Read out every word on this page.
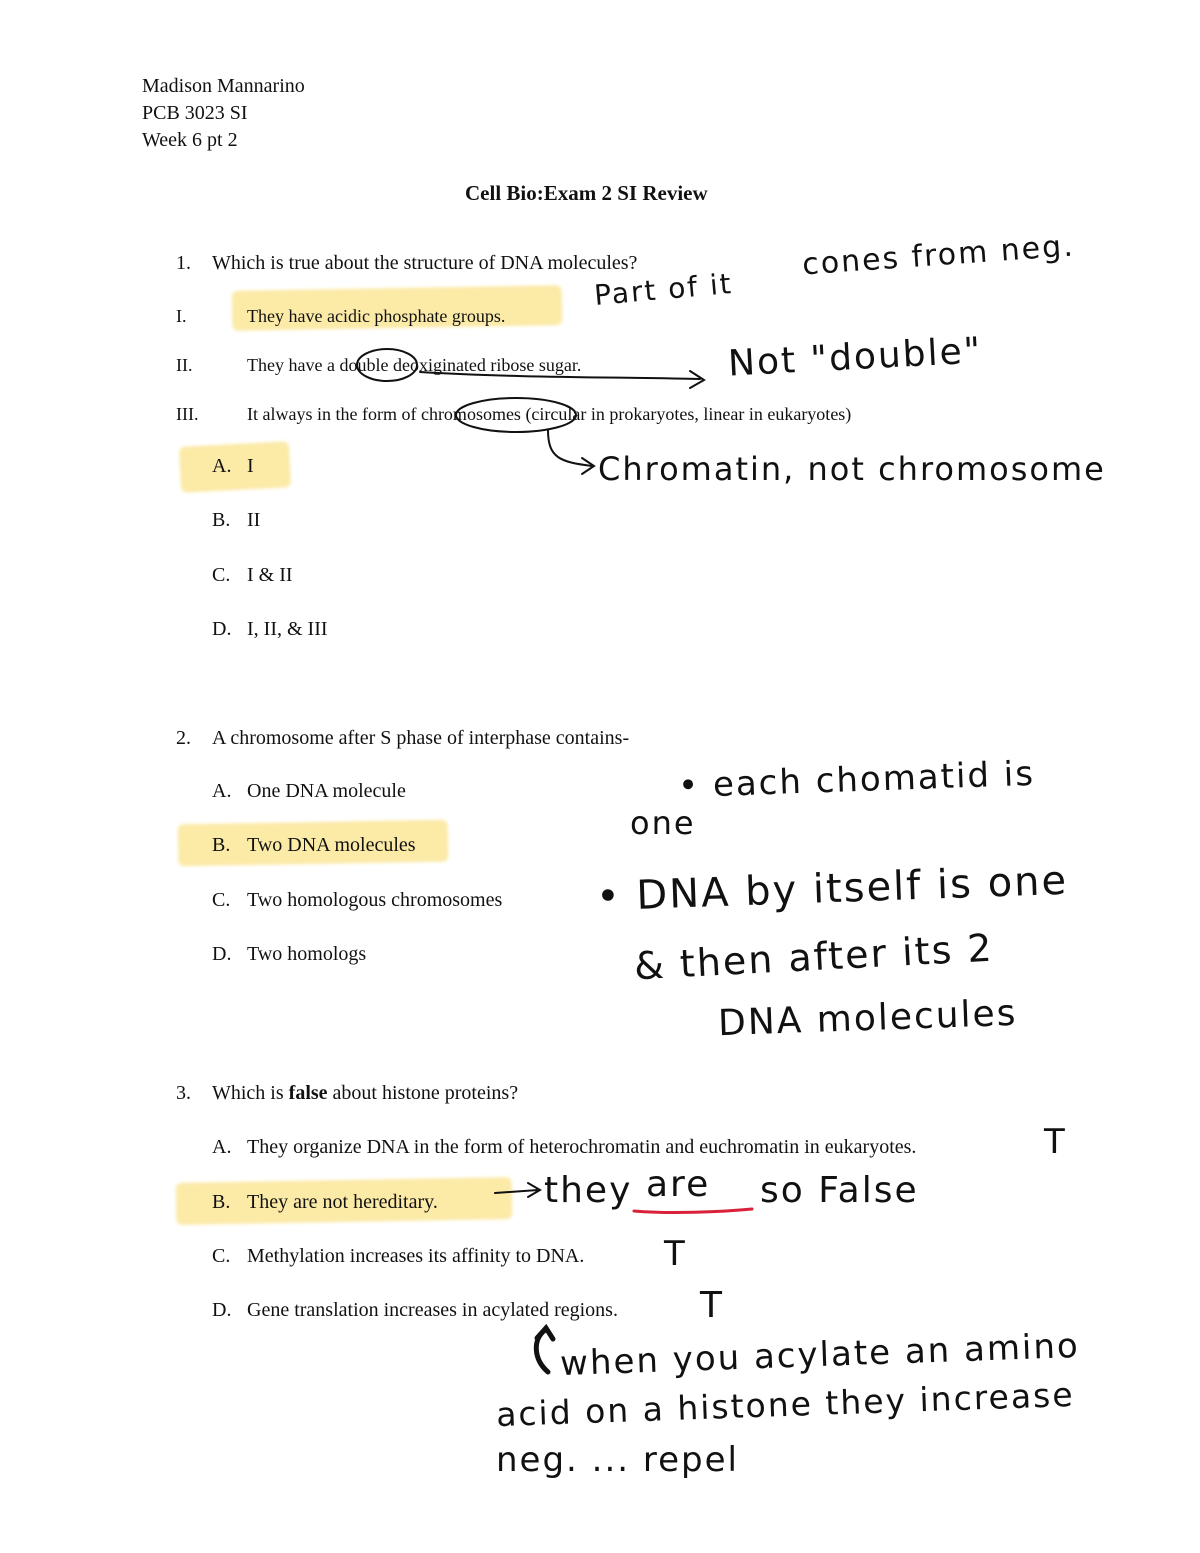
Madison Mannarino
PCB 3023 SI
Week 6 pt 2
Cell Bio:Exam 2 SI Review
1. Which is true about the structure of DNA molecules?
I.	They have acidic phosphate groups.
II.	They have a double deoxiginated ribose sugar.
III.	It always in the form of chromosomes (circular in prokaryotes, linear in eukaryotes)
A. I
B. II
C. I & II
D. I, II, & III
2. A chromosome after S phase of interphase contains-
A. One DNA molecule
B. Two DNA molecules
C. Two homologous chromosomes
D. Two homologs
3. Which is false about histone proteins?
A. They organize DNA in the form of heterochromatin and euchromatin in eukaryotes.
B. They are not hereditary.
C. Methylation increases its affinity to DNA.
D. Gene translation increases in acylated regions.
cones from neg.
Part of it
Not "double"
Chromatin, not chromosome
• each chomatid is
one
• DNA by itself is one
& then after its 2
DNA molecules
T
they are so False
T
T
when you acylate an amino
acid on a histone they increase
neg. ... repel
